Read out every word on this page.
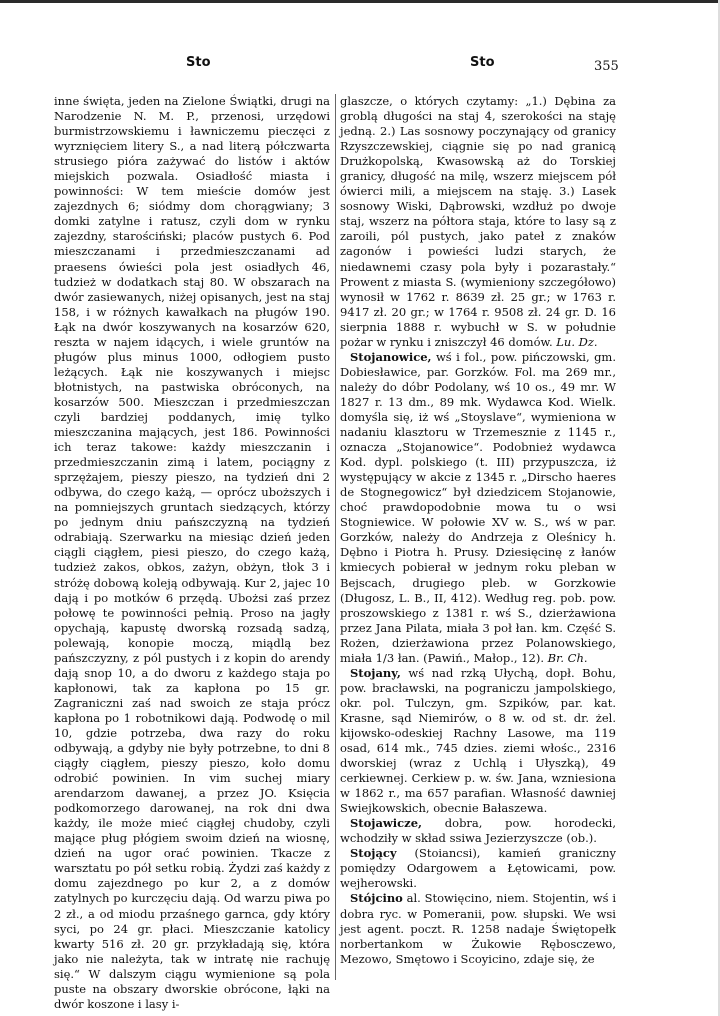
Sto	Sto	355

inne święta, jeden na Zielone Świątki, drugi na Narodzenie N. M. P., przenosi, urzędowi burmistrzowskiemu i ławniczemu pieczęci z wyrznięciem litery S., a nad literą półczwarta strusiego pióra zażywać do listów i aktów miejskich pozwala. Osiadłość miasta i powinności: W tem mieście domów jest zajezdnych 6; siódmy dom chorągwiany; 3 domki zatylne i ratusz, czyli dom w rynku zajezdny, starościński; placów pustych 6. Pod mieszczanami i przedmieszczanami ad praesens ówieści pola jest osiadłych 46, tudzież w dodatkach staj 80. W obszarach na dwór zasiewanych, niżej opisanych, jest na staj 158, i w różnych kawałkach na pługów 190. Łąk na dwór koszywanych na kosarzów 620, reszta w najem idących, i wiele gruntów na pługów plus minus 1000, odłogiem pusto leżących. Łąk nie koszywanych i miejsc błotnistych, na pastwiska obróconych, na kosarzów 500. Mieszczan i przedmieszczan czyli bardziej poddanych, imię tylko mieszczanina mających, jest 186. Powinności ich teraz takowe: każdy mieszczanin i przedmieszczanin zimą i latem, pociągny z sprzężajem, pieszy pieszo, na tydzień dni 2 odbywa, do czego każą, — oprócz uboższych i na pomniejszych gruntach siedzących, którzy po jednym dniu pańszczyzną na tydzień odrabiają. Szerwarku na miesiąc dzień jeden ciągli ciągłem, piesi pieszo, do czego każą, tudzież zakos, obkos, zażyn, obżyn, tłok 3 i stróżę dobową koleją odbywają. Kur 2, jajec 10 dają i po motków 6 przędą. Ubożsi zaś przez połowę te powinności pełnią. Proso na jagły opychają, kapustę dworską rozsadą sadzą, polewają, konopie moczą, miądlą bez pańszczyzny, z pól pustych i z kopin do arendy dają snop 10, a do dworu z każdego staja po kapłonowi, tak za kapłona po 15 gr. Zagraniczni zaś nad swoich ze staja prócz kapłona po 1 robotnikowi dają. Podwodę o mil 10, gdzie potrzeba, dwa razy do roku odbywają, a gdyby nie były potrzebne, to dni 8 ciągły ciągłem, pieszy pieszo, koło domu odrobić powinien. In vim suchej miary arendarzom dawanej, a przez JO. Księcia podkomorzego darowanej, na rok dni dwa każdy, ile może mieć ciągłej chudoby, czyli mające pług płógiem swoim dzień na wiosnę, dzień na ugor orać powinien. Tkacze z warsztatu po pół setku robią. Żydzi zaś każdy z domu zajezdnego po kur 2, a z domów zatylnych po kurczęciu dają. Od warzu piwa po 2 zł., a od miodu przaśnego garnca, gdy który syci, po 24 gr. płaci. Mieszczanie katolicy kwarty 516 zł. 20 gr. przykładają się, która jako nie należyta, tak w intratę nie rachuję się.“ W dalszym ciągu wymienione są pola puste na obszary dworskie obrócone, łąki na dwór koszone i lasy i-

glaszcze, o których czytamy: „1.) Dębina za groblą długości na staj 4, szerokości na staję jedną. 2.) Las sosnowy poczynający od granicy Rzyszczewskiej, ciągnie się po nad granicą Drużkopolską, Kwasowską aż do Torskiej granicy, długość na milę, wszerz miejscem pół ówierci mili, a miejscem na staję. 3.) Lasek sosnowy Wiski, Dąbrowski, wzdłuż po dwoje staj, wszerz na półtora staja, które to lasy są z zaroili, pól pustych, jako pateł z znaków zagonów i powieści ludzi starych, że niedawnemi czasy pola były i pozarastały.“ Prowent z miasta S. (wymieniony szczegółowo) wynosił w 1762 r. 8639 zł. 25 gr.; w 1763 r. 9417 zł. 20 gr.; w 1764 r. 9508 zł. 24 gr. D. 16 sierpnia 1888 r. wybuchł w S. w południe pożar w rynku i zniszczył 46 domów. Lu. Dz.

Stojanowice, wś i fol., pow. pińczowski, gm. Dobiesławice, par. Gorzków. Fol. ma 269 mr., należy do dóbr Podolany, wś 10 os., 49 mr. W 1827 r. 13 dm., 89 mk. Wydawca Kod. Wielk. domyśla się, iż wś „Stoyslave“, wymieniona w nadaniu klasztoru w Trzemesznie z 1145 r., oznacza „Stojanowice“. Podobnież wydawca Kod. dypl. polskiego (t. III) przypuszcza, iż występujący w akcie z 1345 r. „Dirscho haeres de Stognegowicz“ był dziedzicem Stojanowie, choć prawdopodobnie mowa tu o wsi Stogniewice. W połowie XV w. S., wś w par. Gorzków, należy do Andrzeja z Oleśnicy h. Dębno i Piotra h. Prusy. Dziesięcinę z łanów kmiecych pobierał w jednym roku pleban w Bejscach, drugiego pleb. w Gorzkowie (Długosz, L. B., II, 412). Według reg. pob. pow. proszowskiego z 1381 r. wś S., dzierżawiona przez Jana Pilata, miała 3 poł łan. km. Część S. Rożen, dzierżawiona przez Polanowskiego, miała 1/3 łan. (Pawiń., Małop., 12). Br. Ch.

Stojany, wś nad rzką Ułychą, dopł. Bohu, pow. bracławski, na pograniczu jampolskiego, okr. pol. Tulczyn, gm. Szpików, par. kat. Krasne, sąd Niemirów, o 8 w. od st. dr. żel. kijowsko-odeskiej Rachny Lasowe, ma 119 osad, 614 mk., 745 dzies. ziemi włośc., 2316 dworskiej (wraz z Uchlą i Ułyszką), 49 cerkiewnej. Cerkiew p. w. św. Jana, wzniesiona w 1862 r., ma 657 parafian. Własność dawniej Swiejkowskich, obecnie Bałaszewa.

Stojawicze, dobra, pow. horodecki, wchodziły w skład ssiwa Jezierzyszcze (ob.).

Stojący (Stoiancsi), kamień graniczny pomiędzy Odargowem a Łętowicami, pow. wejherowski.

Stójcino al. Stowięcino, niem. Stojentin, wś i dobra ryc. w Pomeranii, pow. słupski. We wsi jest agent. poczt. R. 1258 nadaje Świętopełk norbertankom w Żukowie Rębosczewo, Mezowo, Smętowo i Scoyicino, zdaje się, że
